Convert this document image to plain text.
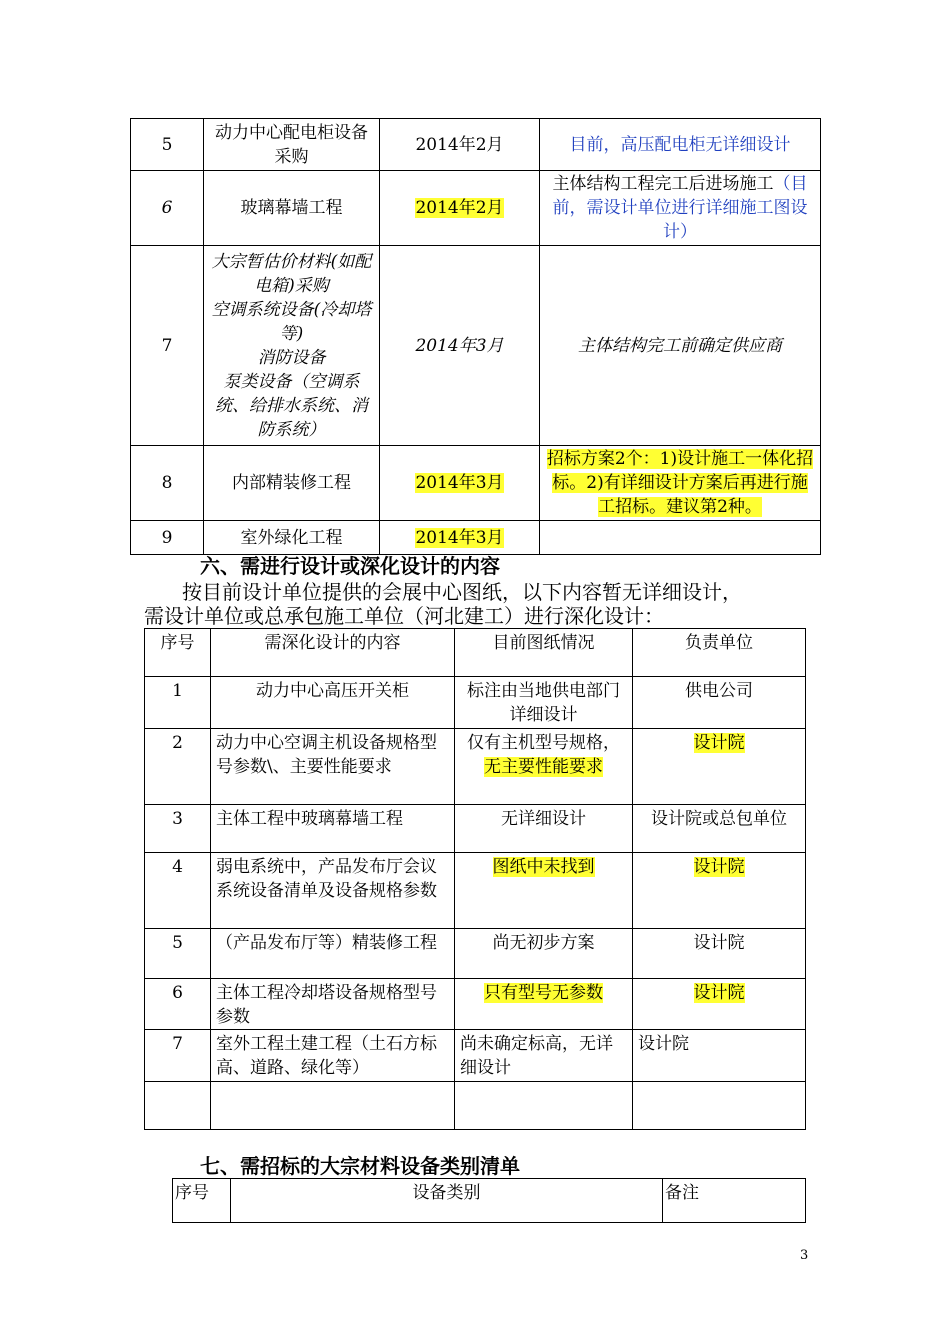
5	动力中心配电柜设备采购	2014年2月	目前，高压配电柜无详细设计
6	玻璃幕墙工程	2014年2月	主体结构工程完工后进场施工（目前，需设计单位进行详细施工图设计）
7	大宗暂估价材料(如配电箱)采购
空调系统设备(冷却塔等)
消防设备
泵类设备（空调系统、给排水系统、消防系统）	2014年3月	主体结构完工前确定供应商
8	内部精装修工程	2014年3月	招标方案2个：1)设计施工一体化招标。2)有详细设计方案后再进行施工招标。建议第2种。
9	室外绿化工程	2014年3月	
六、需进行设计或深化设计的内容
按目前设计单位提供的会展中心图纸，以下内容暂无详细设计，
需设计单位或总承包施工单位（河北建工）进行深化设计：
序号	需深化设计的内容	目前图纸情况	负责单位
1	动力中心高压开关柜	标注由当地供电部门详细设计	供电公司
2	动力中心空调主机设备规格型号参数\、主要性能要求	仅有主机型号规格，
无主要性能要求	设计院
3	主体工程中玻璃幕墙工程	无详细设计	设计院或总包单位
4	弱电系统中，产品发布厅会议系统设备清单及设备规格参数	图纸中未找到	设计院
5	（产品发布厅等）精装修工程	尚无初步方案	设计院
6	主体工程冷却塔设备规格型号参数	只有型号无参数	设计院
7	室外工程土建工程（土石方标高、道路、绿化等）	尚未确定标高，无详细设计	设计院

七、需招标的大宗材料设备类别清单
序号	设备类别	备注
3
